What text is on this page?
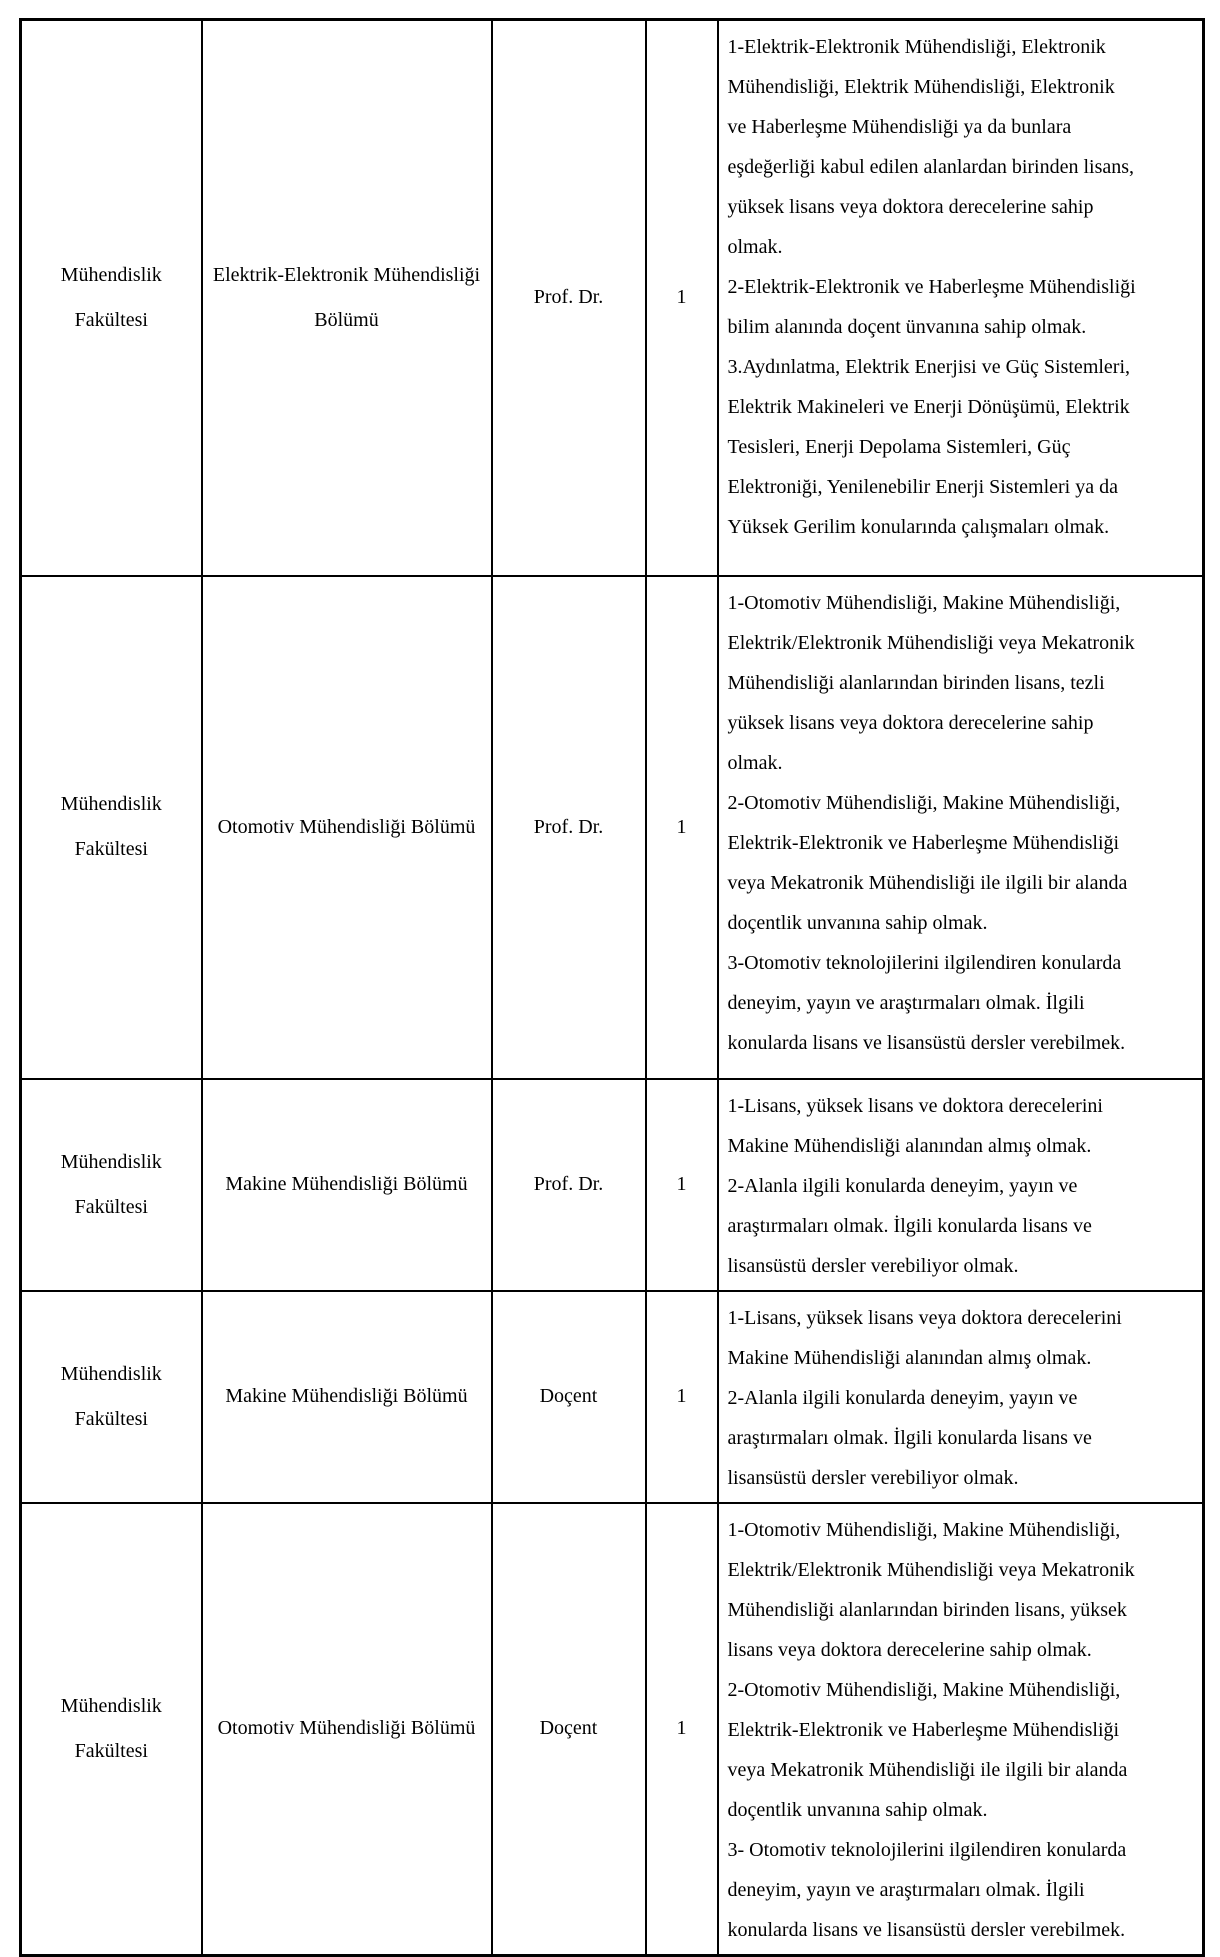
Mühendislik Fakültesi	Elektrik-Elektronik Mühendisliği Bölümü	Prof. Dr.	1	
1-Elektrik-Elektronik Mühendisliği, Elektronik
Mühendisliği, Elektrik Mühendisliği, Elektronik
ve Haberleşme Mühendisliği ya da bunlara
eşdeğerliği kabul edilen alanlardan birinden lisans,
yüksek lisans veya doktora derecelerine sahip
olmak.
2-Elektrik-Elektronik ve Haberleşme Mühendisliği
bilim alanında doçent ünvanına sahip olmak.
3.Aydınlatma, Elektrik Enerjisi ve Güç Sistemleri,
Elektrik Makineleri ve Enerji Dönüşümü, Elektrik
Tesisleri, Enerji Depolama Sistemleri, Güç
Elektroniği, Yenilenebilir Enerji Sistemleri ya da
Yüksek Gerilim konularında çalışmaları olmak.

Mühendislik Fakültesi	Otomotiv Mühendisliği Bölümü	Prof. Dr.	1	
1-Otomotiv Mühendisliği, Makine Mühendisliği,
Elektrik/Elektronik Mühendisliği veya Mekatronik
Mühendisliği alanlarından birinden lisans, tezli
yüksek lisans veya doktora derecelerine sahip
olmak.
2-Otomotiv Mühendisliği, Makine Mühendisliği,
Elektrik-Elektronik ve Haberleşme Mühendisliği
veya Mekatronik Mühendisliği ile ilgili bir alanda
doçentlik unvanına sahip olmak.
3-Otomotiv teknolojilerini ilgilendiren konularda
deneyim, yayın ve araştırmaları olmak. İlgili
konularda lisans ve lisansüstü dersler verebilmek.

Mühendislik Fakültesi	Makine Mühendisliği Bölümü	Prof. Dr.	1	1-Lisans, yüksek lisans ve doktora derecelerini
Makine Mühendisliği alanından almış olmak.
2-Alanla ilgili konularda deneyim, yayın ve
araştırmaları olmak. İlgili konularda lisans ve
lisansüstü dersler verebiliyor olmak.

Mühendislik Fakültesi	Makine Mühendisliği Bölümü	Doçent	1	1-Lisans, yüksek lisans veya doktora derecelerini
Makine Mühendisliği alanından almış olmak.
2-Alanla ilgili konularda deneyim, yayın ve
araştırmaları olmak. İlgili konularda lisans ve
lisansüstü dersler verebiliyor olmak.

Mühendislik Fakültesi	Otomotiv Mühendisliği Bölümü	Doçent	1	
1-Otomotiv Mühendisliği, Makine Mühendisliği,
Elektrik/Elektronik Mühendisliği veya Mekatronik
Mühendisliği alanlarından birinden lisans, yüksek
lisans veya doktora derecelerine sahip olmak.
2-Otomotiv Mühendisliği, Makine Mühendisliği,
Elektrik-Elektronik ve Haberleşme Mühendisliği
veya Mekatronik Mühendisliği ile ilgili bir alanda
doçentlik unvanına sahip olmak.
3- Otomotiv teknolojilerini ilgilendiren konularda
deneyim, yayın ve araştırmaları olmak. İlgili
konularda lisans ve lisansüstü dersler verebilmek.
